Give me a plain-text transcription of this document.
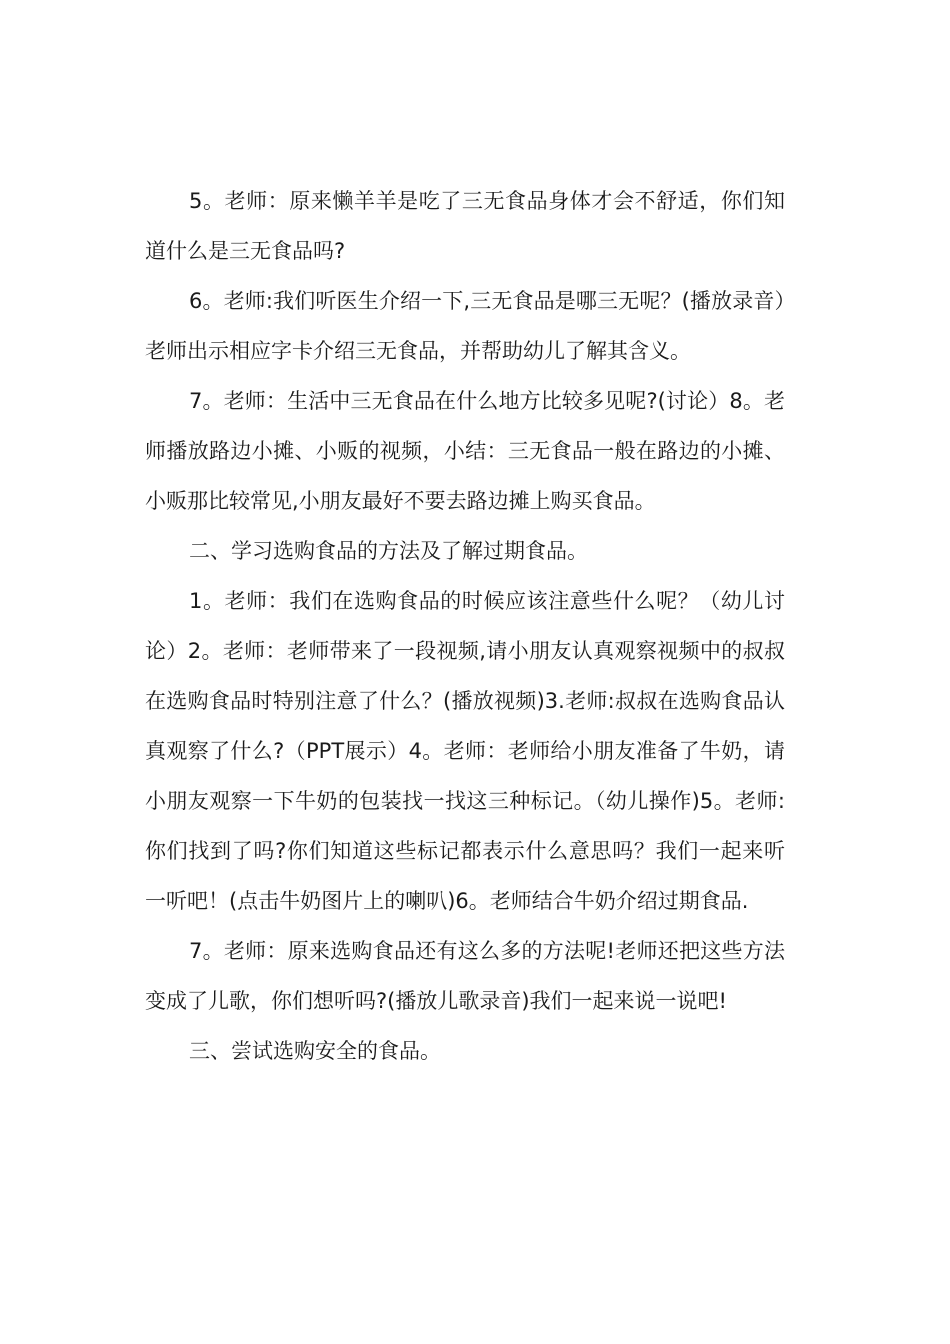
5。老师：原来懒羊羊是吃了三无食品身体才会不舒适，你们知道什么是三无食品吗?

6。老师:我们听医生介绍一下,三无食品是哪三无呢？(播放录音）老师出示相应字卡介绍三无食品，并帮助幼儿了解其含义。

7。老师：生活中三无食品在什么地方比较多见呢?(讨论）8。老师播放路边小摊、小贩的视频，小结：三无食品一般在路边的小摊、小贩那比较常见,小朋友最好不要去路边摊上购买食品。

二、学习选购食品的方法及了解过期食品。

1。老师：我们在选购食品的时候应该注意些什么呢？（幼儿讨论）2。老师：老师带来了一段视频,请小朋友认真观察视频中的叔叔在选购食品时特别注意了什么？(播放视频)3.老师:叔叔在选购食品认真观察了什么?（PPT展示）4。老师：老师给小朋友准备了牛奶，请小朋友观察一下牛奶的包装找一找这三种标记。（幼儿操作)5。老师:你们找到了吗?你们知道这些标记都表示什么意思吗？我们一起来听一听吧！(点击牛奶图片上的喇叭)6。老师结合牛奶介绍过期食品.

7。老师：原来选购食品还有这么多的方法呢!老师还把这些方法变成了儿歌，你们想听吗?(播放儿歌录音)我们一起来说一说吧!

三、尝试选购安全的食品。
